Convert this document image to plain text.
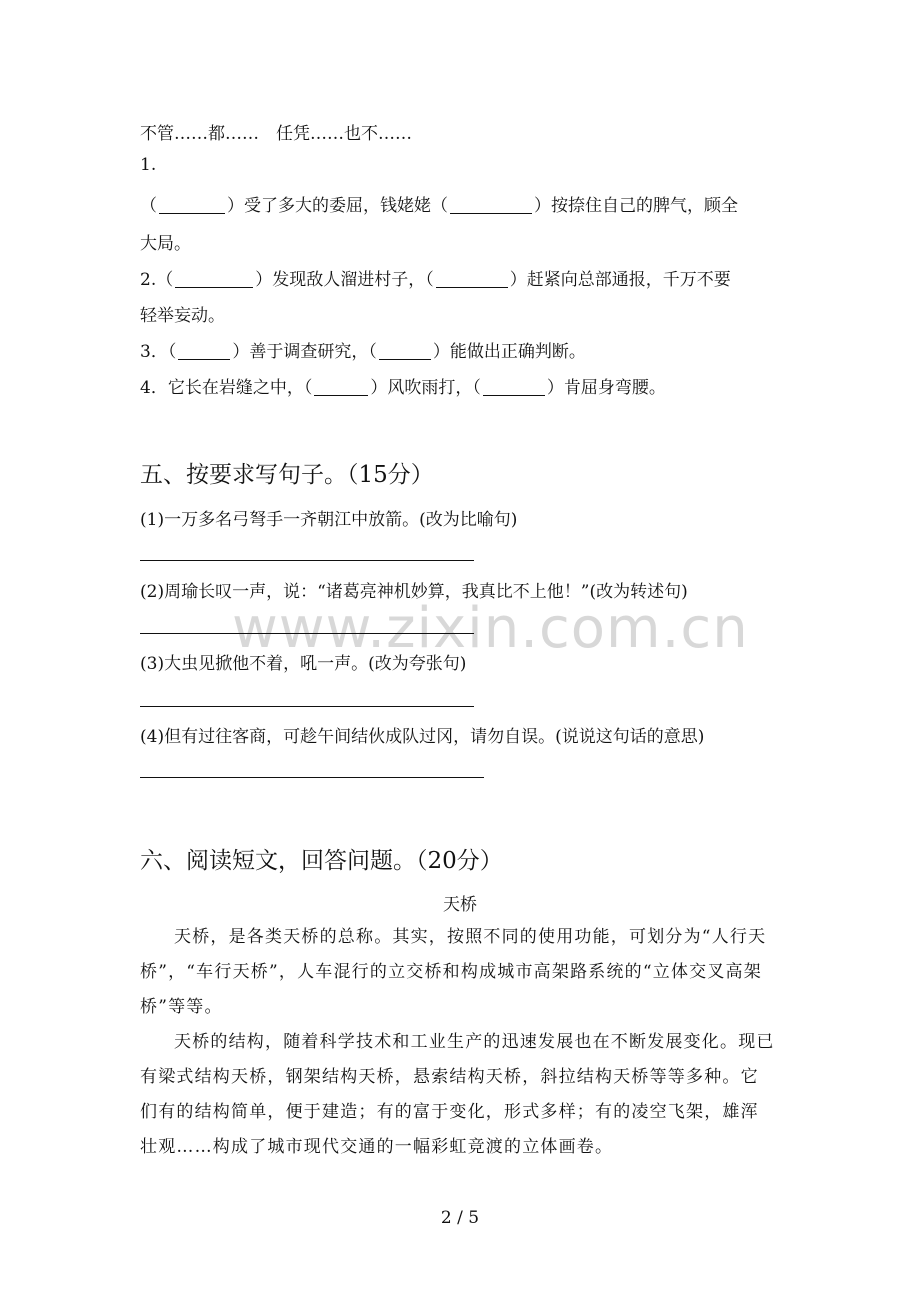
www.zixin.com.cn
不管……都……　任凭……也不……
1.
（	）受了多大的委屈，钱姥姥（	）按捺住自己的脾气，顾全
大局。
2.（	）发现敌人溜进村子，（	）赶紧向总部通报，千万不要
轻举妄动。
3．（	）善于调查研究，（	）能做出正确判断。
4．它长在岩缝之中，（	）风吹雨打，（	）肯屈身弯腰。
五、按要求写句子。（15分）
(1)一万多名弓弩手一齐朝江中放箭。(改为比喻句)
(2)周瑜长叹一声，说：“诸葛亮神机妙算，我真比不上他！”(改为转述句)
(3)大虫见掀他不着，吼一声。(改为夸张句)
(4)但有过往客商，可趁午间结伙成队过冈，请勿自误。(说说这句话的意思)
六、阅读短文，回答问题。（20分）
天桥
天桥，是各类天桥的总称。其实，按照不同的使用功能，可划分为“人行天桥”，“车行天桥”，人车混行的立交桥和构成城市高架路系统的“立体交叉高架桥”等等。
天桥的结构，随着科学技术和工业生产的迅速发展也在不断发展变化。现已有梁式结构天桥，钢架结构天桥，悬索结构天桥，斜拉结构天桥等等多种。它们有的结构简单，便于建造；有的富于变化，形式多样；有的凌空飞架，雄浑壮观……构成了城市现代交通的一幅彩虹竞渡的立体画卷。
2 / 5
